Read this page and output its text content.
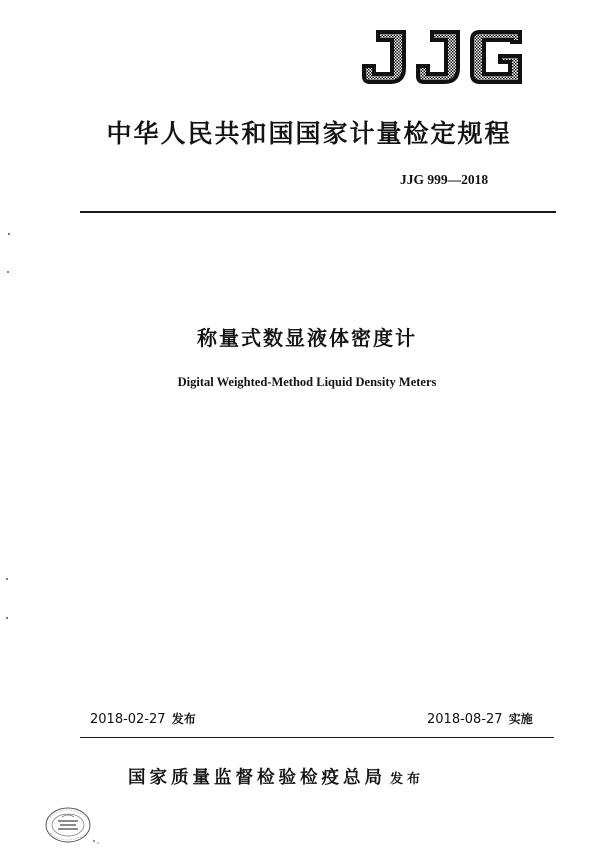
中华人民共和国国家计量检定规程
JJG 999—2018
称量式数显液体密度计
Digital Weighted-Method Liquid Density Meters
2018-02-27 发布	2018-08-27 实施
国家质量监督检验检疫总局 发布
